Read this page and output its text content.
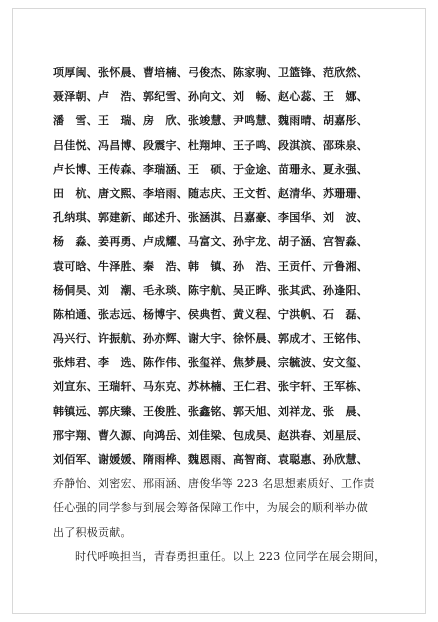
项厚闽、张怀晨、曹培楠、弓俊杰、陈家驹、卫篮锋、范欣然、
聂泽朝、卢　浩、郭纪雪、孙向文、刘　畅、赵心蕊、王　娜、
潘　雪、王　瑞、房　欣、张竣慧、尹鸣慧、魏雨晴、胡嘉彤、
吕佳悦、冯昌博、段震宇、杜翔坤、王子鸣、段淇滨、邵珠泉、
卢长博、王传森、李瑞涵、王　硕、于金途、苗珊永、夏永强、
田　杭、唐文熙、李培雨、随志庆、王文哲、赵清华、苏珊珊、
孔纳琪、郭建新、邮述升、张涵淇、吕嘉豪、李国华、刘　波、
杨　淼、姜再勇、卢成耀、马富文、孙宇龙、胡子涵、宫智淼、
袁可晗、牛泽胜、秦　浩、韩　镇、孙　浩、王贡仟、亓鲁湘、
杨侗昊、刘　潮、毛永琰、陈宇航、吴正晔、张其武、孙逢阳、
陈柏通、张志远、杨博宇、侯典哲、黄义程、宁洪帆、石　磊、
冯兴行、许振航、孙亦辉、谢大宇、徐怀晨、郭成才、王铭伟、
张炜君、李　选、陈作伟、张玺祥、焦梦晨、宗毓波、安文玺、
刘宣东、王瑞轩、马东克、苏林楠、王仁君、张宇轩、王军栋、
韩镇远、郭庆臻、王俊胜、张鑫铭、郭天旭、刘祥龙、张　晨、
邢宇翔、曹久源、向鸿岳、刘佳梁、包成昊、赵洪春、刘星辰、
刘佰军、谢媛媛、隋雨桦、魏恩雨、高智商、袁聪惠、孙欣慧、
乔静怡、刘密宏、邢雨涵、唐俊华等 223 名思想素质好、工作责
任心强的同学参与到展会筹备保障工作中，为展会的顺利举办做
出了积极贡献。
时代呼唤担当，青春勇担重任。以上 223 位同学在展会期间，
